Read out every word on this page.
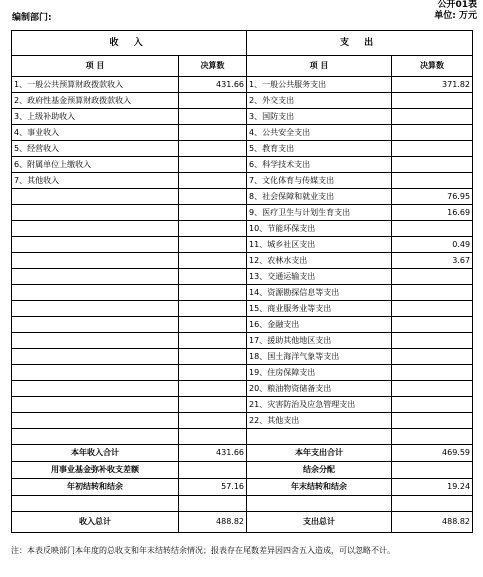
编制部门:
公开01表
单位: 万元
收 入		支 出	
项 目	决算数	项 目	决算数
1、一般公共预算财政拨款收入	431.66	1、一般公共服务支出	371.82
2、政府性基金预算财政拨款收入		2、外交支出	
3、上级补助收入		3、国防支出	
4、事业收入		4、公共安全支出	
5、经营收入		5、教育支出	
6、附属单位上缴收入		6、科学技术支出	
7、其他收入		7、文化体育与传媒支出	
		8、社会保障和就业支出	76.95
		9、医疗卫生与计划生育支出	16.69
		10、节能环保支出	
		11、城乡社区支出	0.49
		12、农林水支出	3.67
		13、交通运输支出	
		14、资源勘探信息等支出	
		15、商业服务业等支出	
		16、金融支出	
		17、援助其他地区支出	
		18、国土海洋气象等支出	
		19、住房保障支出	
		20、粮油物资储备支出	
		21、灾害防治及应急管理支出	
		22、其他支出	

本年收入合计	431.66	本年支出合计	469.59
用事业基金弥补收支差额		结余分配	
年初结转和结余	57.16	年末结转和结余	19.24

收入总计	488.82	支出总计	488.82
注：本表反映部门本年度的总收支和年末结转结余情况；报表存在尾数差异因四舍五入造成，可以忽略不计。
